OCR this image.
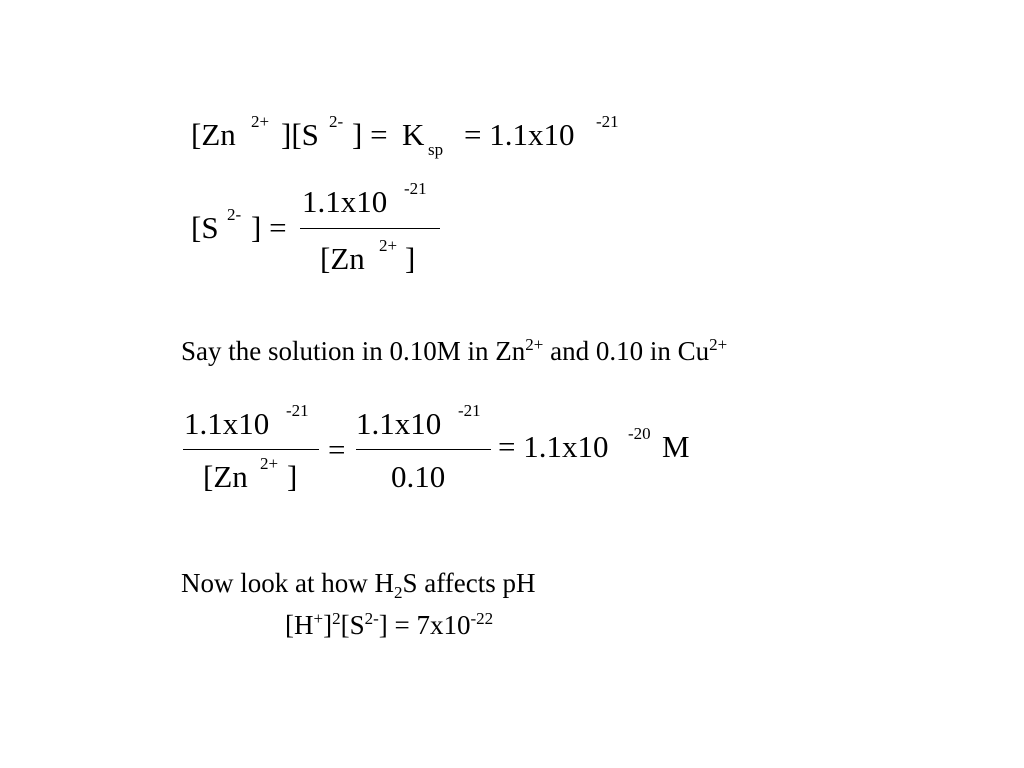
[Zn 2+ ][S 2- ] = K sp = 1.1x10 -21
[S 2- ] =
1.1x10 -21
[Zn 2+ ]
Say the solution in 0.10M in $Zn^{2+}$ and 0.10 in $Cu^{2+}$
1.1x10 -21
[Zn 2+ ]
=
1.1x10 -21
0.10
= 1.1x10 -20 M
Now look at how $H_2S$ affects pH
$[H^+]^2[S^{2-}] = 7x10^{-22}$
